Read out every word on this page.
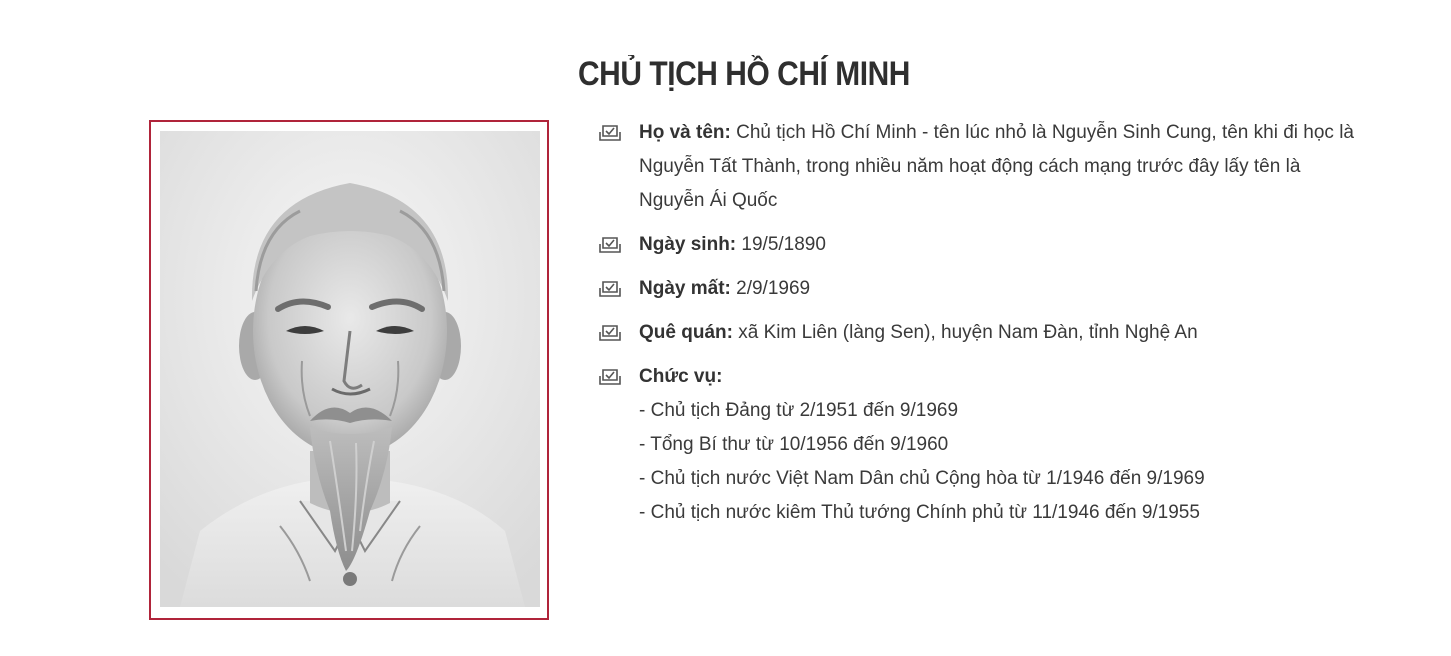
CHỦ TỊCH HỒ CHÍ MINH
Họ và tên: Chủ tịch Hồ Chí Minh - tên lúc nhỏ là Nguyễn Sinh Cung, tên khi đi học là Nguyễn Tất Thành, trong nhiều năm hoạt động cách mạng trước đây lấy tên là Nguyễn Ái Quốc
Ngày sinh: 19/5/1890
Ngày mất: 2/9/1969
Quê quán: xã Kim Liên (làng Sen), huyện Nam Đàn, tỉnh Nghệ An
Chức vụ:
- Chủ tịch Đảng từ 2/1951 đến 9/1969
- Tổng Bí thư từ 10/1956 đến 9/1960
- Chủ tịch nước Việt Nam Dân chủ Cộng hòa từ 1/1946 đến 9/1969
- Chủ tịch nước kiêm Thủ tướng Chính phủ từ 11/1946 đến 9/1955
